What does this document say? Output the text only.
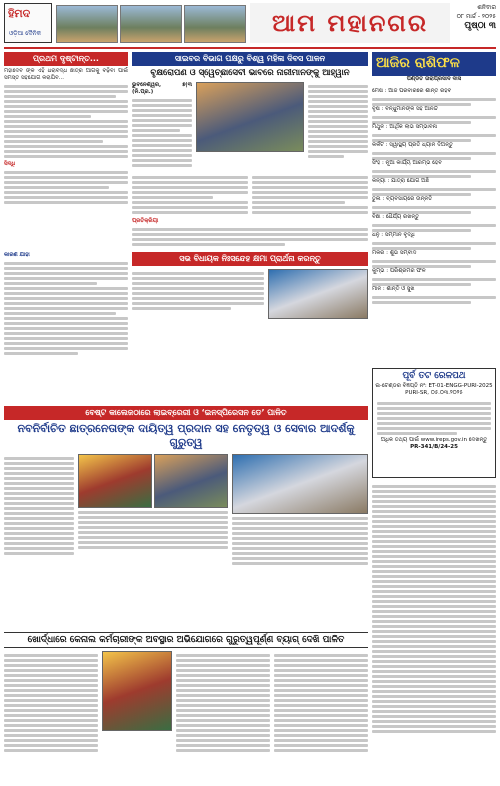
ହିମଦ
ଓଡ଼ିଆ ଦୈନିକ	ଆମ ମହାନଗର
ଶନିବାର
୦୮ ମାର୍ଚ୍ଚ - ୨୦୨୫
ପୃଷ୍ଠା ୩
ପ୍ରଥମ ଦୃଷ୍ଟାନ୍ତ...
ମହାଦେବ ଙ୍କ ଏହି ଧରାବଦ୍ଧ ଛାତ୍ର ଆଗକୁ ବଢ଼ିବା ପାଇଁ ସମସ୍ତ ସହଯୋଗ କରାଯିବ...
ସିଦ୍ଧି
କାରଣ ଯାହା
ସାଇବର ବିଭାଗ ପକ୍ଷରୁ ବିଶ୍ୱ ମହିଳା ଦିବସ ପାଳନ
ବୃକ୍ଷରୋପଣ ଓ ସ୍ୱେଚ୍ଛାସେବୀ ଭାବରେ ନାରୀମାନଙ୍କୁ ଆହ୍ୱାନ
ଭୁବନେଶ୍ୱର, ୭|୩ (ନି.ପ୍ର.)
ପ୍ରତିକ୍ରିୟା
ସଭ ବିଧାୟକ ନିଃସନ୍ଦେହ କ୍ଷମା ପ୍ରାର୍ଥନା କରନ୍ତୁ
ଆଜିର ରାଶିଫଳ
ପଣ୍ଡିତ ତାରାପ୍ରସାଦ ଦାସ
ମେଷ : ଆଜି ପରିବାରରେ ଶାନ୍ତି ରହିବ
ବୃଷ : ବନ୍ଧୁମାନଙ୍କ ସହ ଆନନ୍ଦ
ମିଥୁନ : ଆର୍ଥିକ ଲାଭ ସମ୍ଭାବନା
କର୍କଟ : ସ୍ୱାସ୍ଥ୍ୟ ପ୍ରତି ଧ୍ୟାନ ଦିଅନ୍ତୁ
ସିଂହ : ନୂଆ କାର୍ଯ୍ୟ ଆରମ୍ଭ ହେବ
କନ୍ୟା : ଯାତ୍ରା ଯୋଗ ଅଛି
ତୁଳା : ବ୍ୟବସାୟରେ ଉନ୍ନତି
ବିଛା : ଧୈର୍ଯ୍ୟ ରଖନ୍ତୁ
ଧନୁ : ସମ୍ମାନ ବୃଦ୍ଧି
ମକର : ଶୁଭ ସମ୍ବାଦ
କୁମ୍ଭ : ପରିଶ୍ରମର ଫଳ
ମୀନ : ଶାନ୍ତି ଓ ସୁଖ
ପୂର୍ବ ତଟ ରେଳପଥ
ଇ-ଟେଣ୍ଡର ବିଜ୍ଞପ୍ତି ନଂ: ET-01-ENGG-PURI-2025
PURI-SR, ୦୫.୦୩.୨୦୨୫
ଅଧିକ ତଥ୍ୟ ପାଇଁ www.ireps.gov.in ଦେଖନ୍ତୁ
PR-341/B/24-25
ବେଷ୍ଟ କାଲେଜଠାରେ ଲାଇବ୍ରେରୀ ଓ ‘ଇନସ୍ପିରେସନ ଡେ’ ପାଳିତ
ନବନିର୍ବାଚିତ ଛାତ୍ରନେତାଙ୍କ ଦାୟିତ୍ୱ ପ୍ରଦାନ ସହ ନେତୃତ୍ୱ ଓ ସେବାର ଆଦର୍ଶକୁ ଗୁରୁତ୍ୱ
ଖୋର୍ଦ୍ଧାରେ କେନାଲ କର୍ମଚାରୀଙ୍କ ଅବସ୍ଥାର ଅଭିଯୋଗରେ ଗୁରୁତ୍ୱପୂର୍ଣ୍ଣ ବ୍ୟାଗ୍ ଦେଖି ପାଳିତ
